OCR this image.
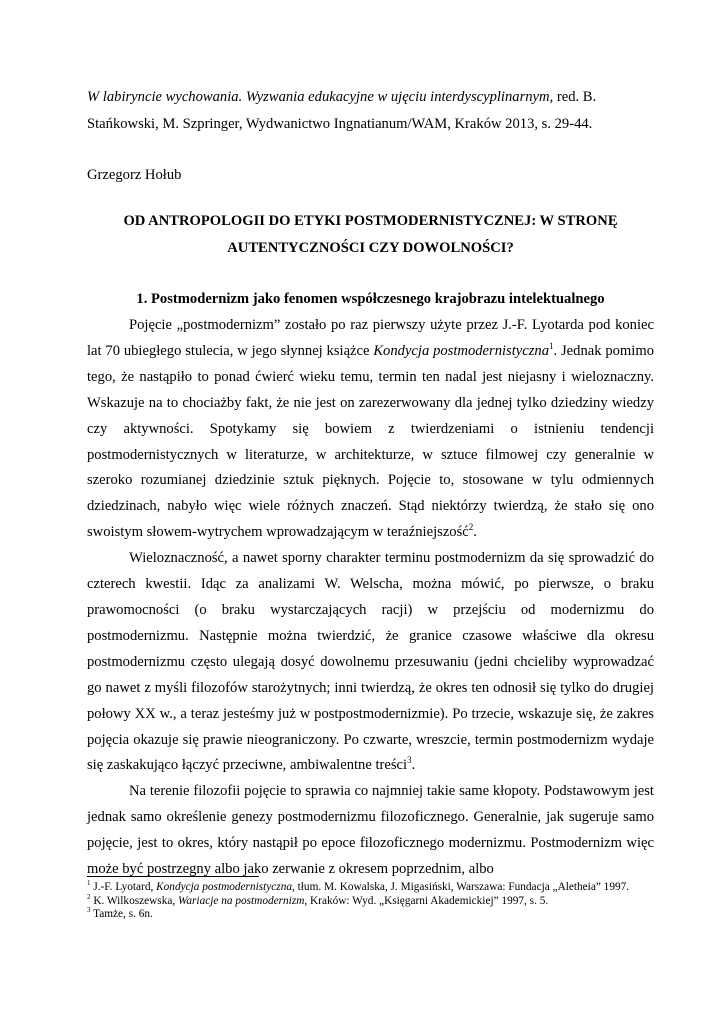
W labiryncie wychowania. Wyzwania edukacyjne w ujęciu interdyscyplinarnym, red. B. Stańkowski, M. Szpringer, Wydwanictwo Ingnatianum/WAM, Kraków 2013, s. 29-44.

Grzegorz Hołub

OD ANTROPOLOGII DO ETYKI POSTMODERNISTYCZNEJ: W STRONĘ AUTENTYCZNOŚCI CZY DOWOLNOŚCI?

1. Postmodernizm jako fenomen współczesnego krajobrazu intelektualnego

Pojęcie „postmodernizm” zostało po raz pierwszy użyte przez J.-F. Lyotarda pod koniec lat 70 ubiegłego stulecia, w jego słynnej książce Kondycja postmodernistyczna$^1$. Jednak pomimo tego, że nastąpiło to ponad ćwierć wieku temu, termin ten nadal jest niejasny i wieloznaczny. Wskazuje na to chociażby fakt, że nie jest on zarezerwowany dla jednej tylko dziedziny wiedzy czy aktywności. Spotykamy się bowiem z twierdzeniami o istnieniu tendencji postmodernistycznych w literaturze, w architekturze, w sztuce filmowej czy generalnie w szeroko rozumianej dziedzinie sztuk pięknych. Pojęcie to, stosowane w tylu odmiennych dziedzinach, nabyło więc wiele różnych znaczeń. Stąd niektórzy twierdzą, że stało się ono swoistym słowem-wytrychem wprowadzającym w teraźniejszość$^2$.

Wieloznaczność, a nawet sporny charakter terminu postmodernizm da się sprowadzić do czterech kwestii. Idąc za analizami W. Welscha, można mówić, po pierwsze, o braku prawomocności (o braku wystarczających racji) w przejściu od modernizmu do postmodernizmu. Następnie można twierdzić, że granice czasowe właściwe dla okresu postmodernizmu często ulegają dosyć dowolnemu przesuwaniu (jedni chcieliby wyprowadzać go nawet z myśli filozofów starożytnych; inni twierdzą, że okres ten odnosił się tylko do drugiej połowy XX w., a teraz jesteśmy już w postpostmodernizmie). Po trzecie, wskazuje się, że zakres pojęcia okazuje się prawie nieograniczony. Po czwarte, wreszcie, termin postmodernizm wydaje się zaskakująco łączyć przeciwne, ambiwalentne treści$^3$.

Na terenie filozofii pojęcie to sprawia co najmniej takie same kłopoty. Podstawowym jest jednak samo określenie genezy postmodernizmu filozoficznego. Generalnie, jak sugeruje samo pojęcie, jest to okres, który nastąpił po epoce filozoficznego modernizmu. Postmodernizm więc może być postrzegny albo jako zerwanie z okresem poprzednim, albo

$^1$ J.-F. Lyotard, Kondycja postmodernistyczna, tłum. M. Kowalska, J. Migasiński, Warszawa: Fundacja „Aletheia” 1997.

$^2$ K. Wilkoszewska, Wariacje na postmodernizm, Kraków: Wyd. „Księgarni Akademickiej” 1997, s. 5.

$^3$ Tamże, s. 6n.
